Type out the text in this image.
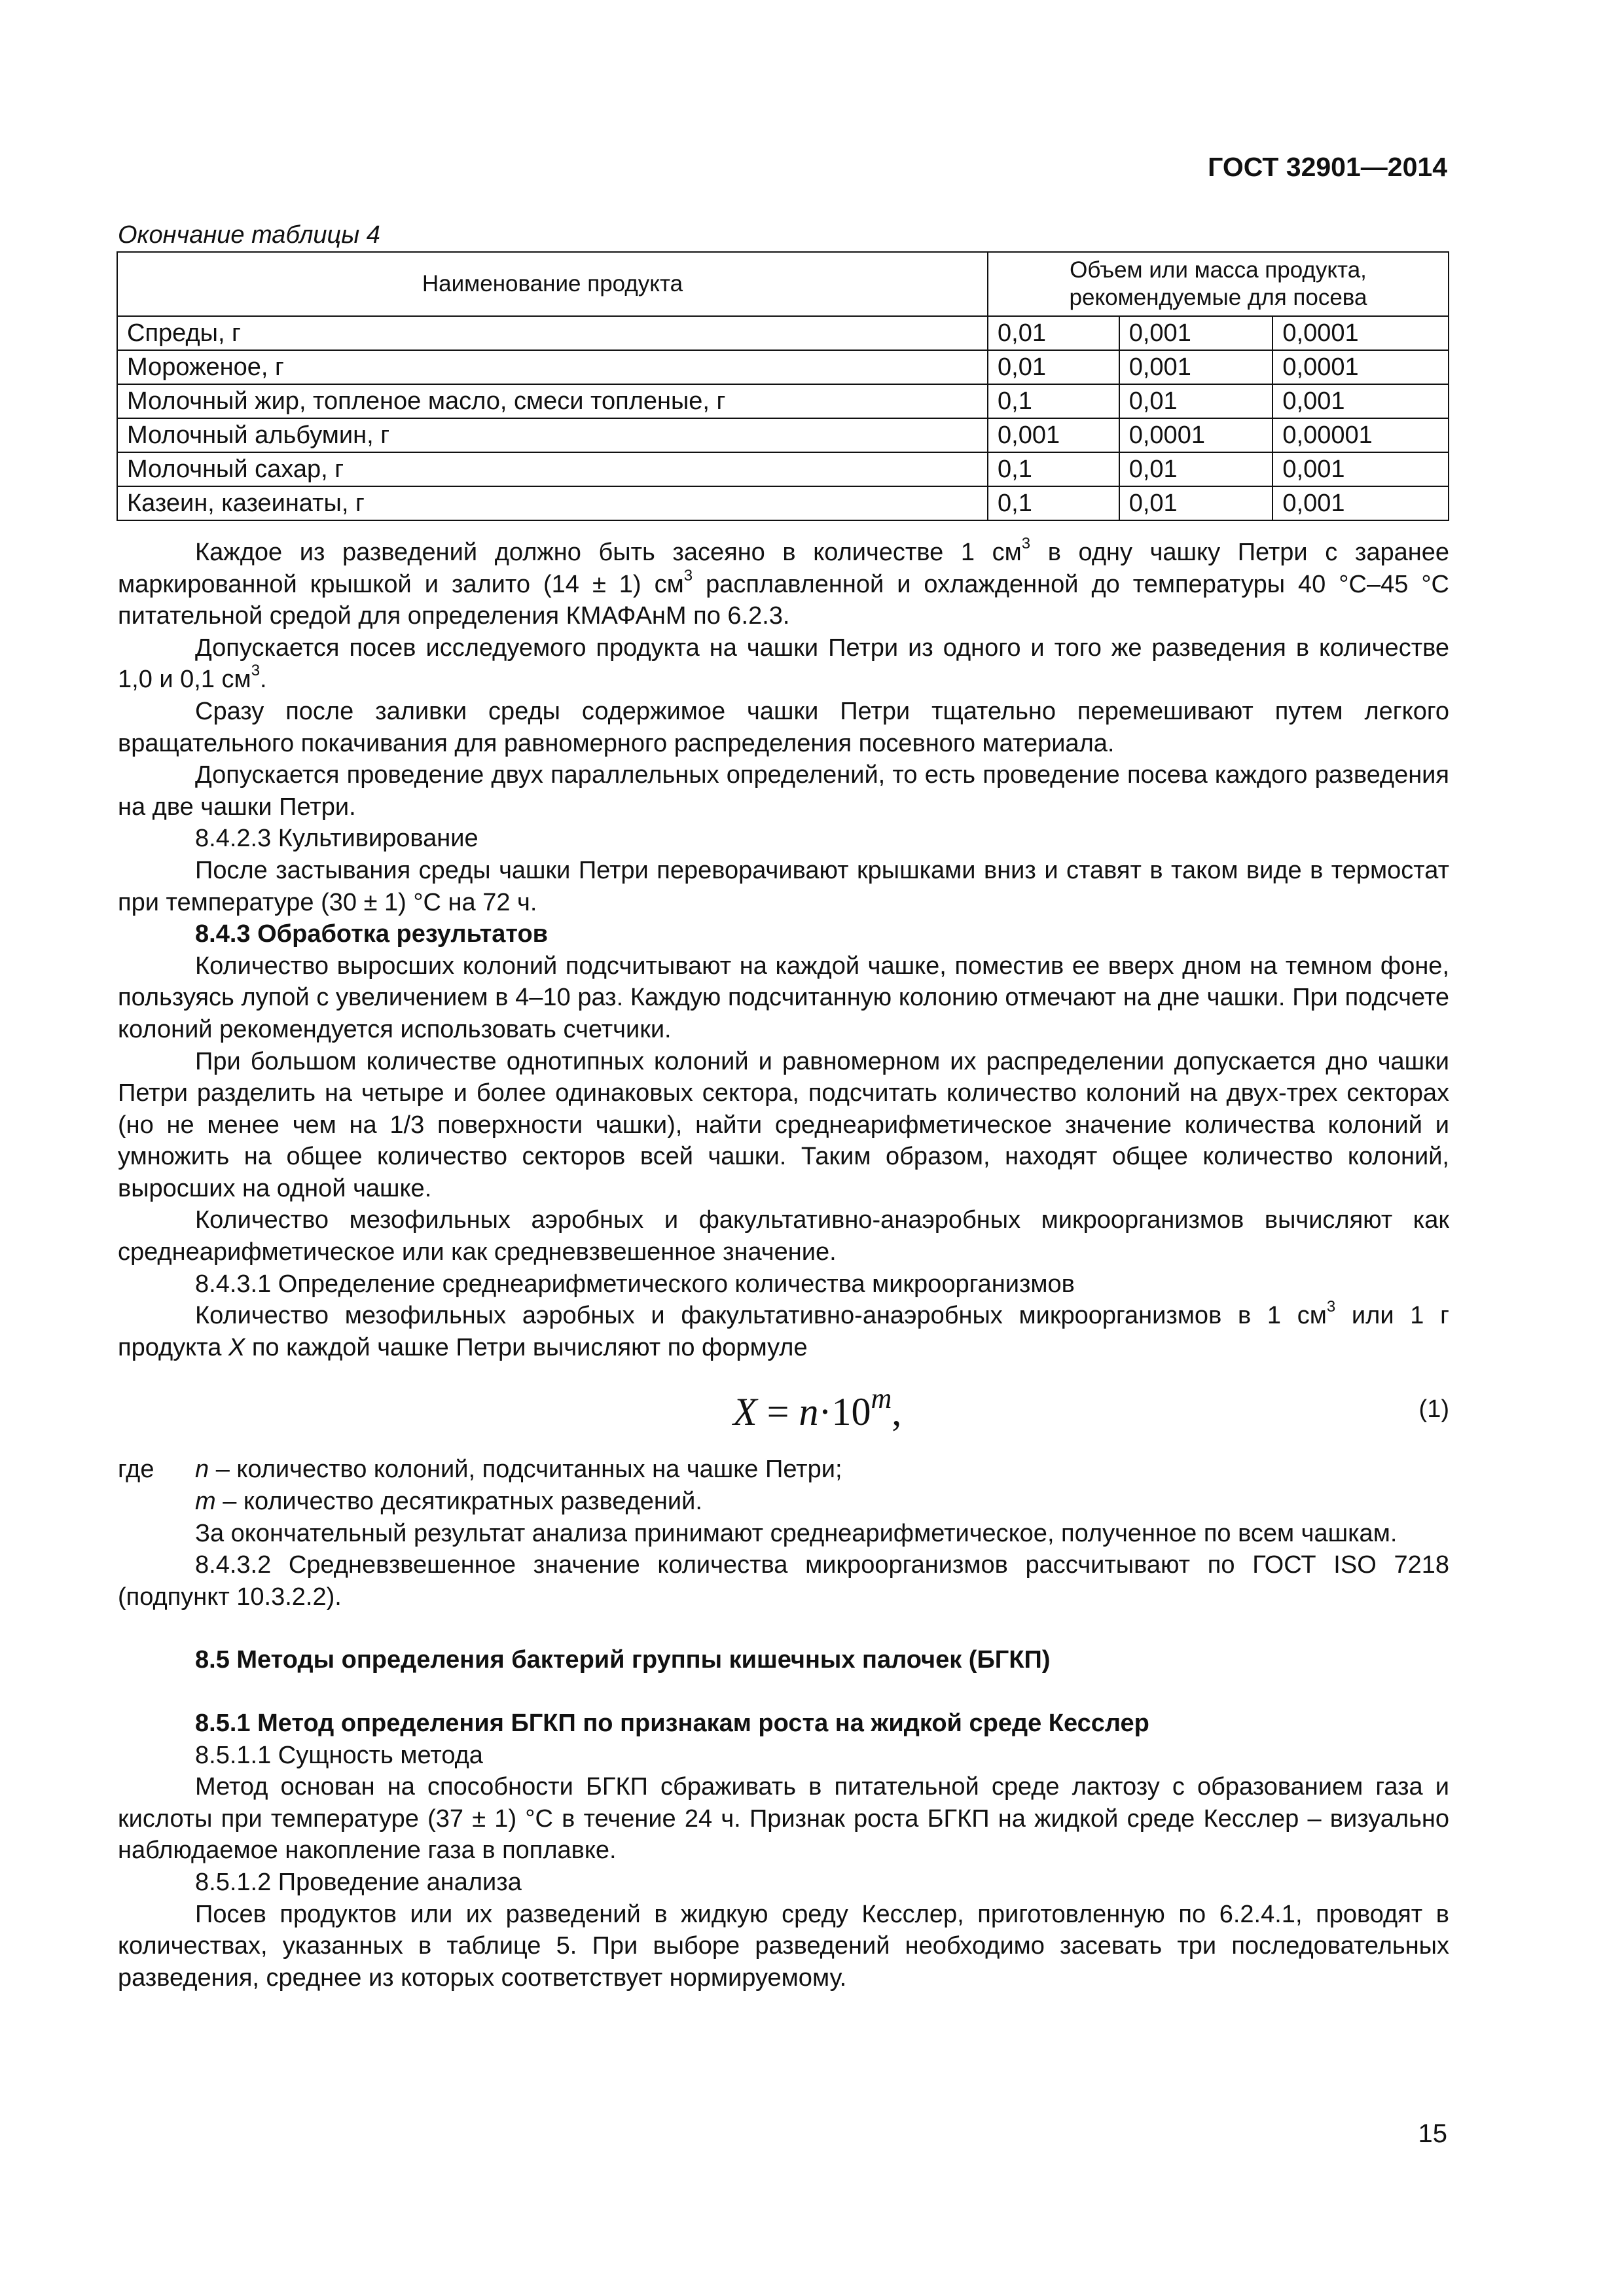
ГОСТ 32901—2014
Окончание таблицы 4
Наименование продукта	Объем или масса продукта, рекомендуемые для посева		
Спреды, г	0,01	0,001	0,0001
Мороженое, г	0,01	0,001	0,0001
Молочный жир, топленое масло, смеси топленые, г	0,1	0,01	0,001
Молочный альбумин, г	0,001	0,0001	0,00001
Молочный сахар, г	0,1	0,01	0,001
Казеин, казеинаты, г	0,1	0,01	0,001

Каждое из разведений должно быть засеяно в количестве 1 $см^3$ в одну чашку Петри с заранее маркированной крышкой и залито (14 ± 1) $см^3$ расплавленной и охлажденной до температуры 40 °С–45 °С питательной средой для определения КМАФАнМ по 6.2.3.

Допускается посев исследуемого продукта на чашки Петри из одного и того же разведения в количестве 1,0 и 0,1 $см^3$.

Сразу после заливки среды содержимое чашки Петри тщательно перемешивают путем легкого вращательного покачивания для равномерного распределения посевного материала.

Допускается проведение двух параллельных определений, то есть проведение посева каждого разведения на две чашки Петри.

8.4.2.3 Культивирование

После застывания среды чашки Петри переворачивают крышками вниз и ставят в таком виде в термостат при температуре (30 ± 1) °С на 72 ч.

8.4.3 Обработка результатов

Количество выросших колоний подсчитывают на каждой чашке, поместив ее вверх дном на темном фоне, пользуясь лупой с увеличением в 4–10 раз. Каждую подсчитанную колонию отмечают на дне чашки. При подсчете колоний рекомендуется использовать счетчики.

При большом количестве однотипных колоний и равномерном их распределении допускается дно чашки Петри разделить на четыре и более одинаковых сектора, подсчитать количество колоний на двух-трех секторах (но не менее чем на 1/3 поверхности чашки), найти среднеарифметическое значение количества колоний и умножить на общее количество секторов всей чашки. Таким образом, находят общее количество колоний, выросших на одной чашке.

Количество мезофильных аэробных и факультативно-анаэробных микроорганизмов вычисляют как среднеарифметическое или как средневзвешенное значение.

8.4.3.1 Определение среднеарифметического количества микроорганизмов

Количество мезофильных аэробных и факультативно-анаэробных микроорганизмов в 1 $см^3$ или 1 г продукта X по каждой чашке Петри вычисляют по формуле

$X = n\cdot 10^m$,	(1)

где	n – количество колоний, подсчитанных на чашке Петри;

m – количество десятикратных разведений.

За окончательный результат анализа принимают среднеарифметическое, полученное по всем чашкам.

8.4.3.2 Средневзвешенное значение количества микроорганизмов рассчитывают по ГОСТ ISO 7218 (подпункт 10.3.2.2).

8.5 Методы определения бактерий группы кишечных палочек (БГКП)

8.5.1 Метод определения БГКП по признакам роста на жидкой среде Кесслер

8.5.1.1 Сущность метода

Метод основан на способности БГКП сбраживать в питательной среде лактозу с образованием газа и кислоты при температуре (37 ± 1) °С в течение 24 ч. Признак роста БГКП на жидкой среде Кесслер – визуально наблюдаемое накопление газа в поплавке.

8.5.1.2 Проведение анализа

Посев продуктов или их разведений в жидкую среду Кесслер, приготовленную по 6.2.4.1, проводят в количествах, указанных в таблице 5. При выборе разведений необходимо засевать три последовательных разведения, среднее из которых соответствует нормируемому.

15
